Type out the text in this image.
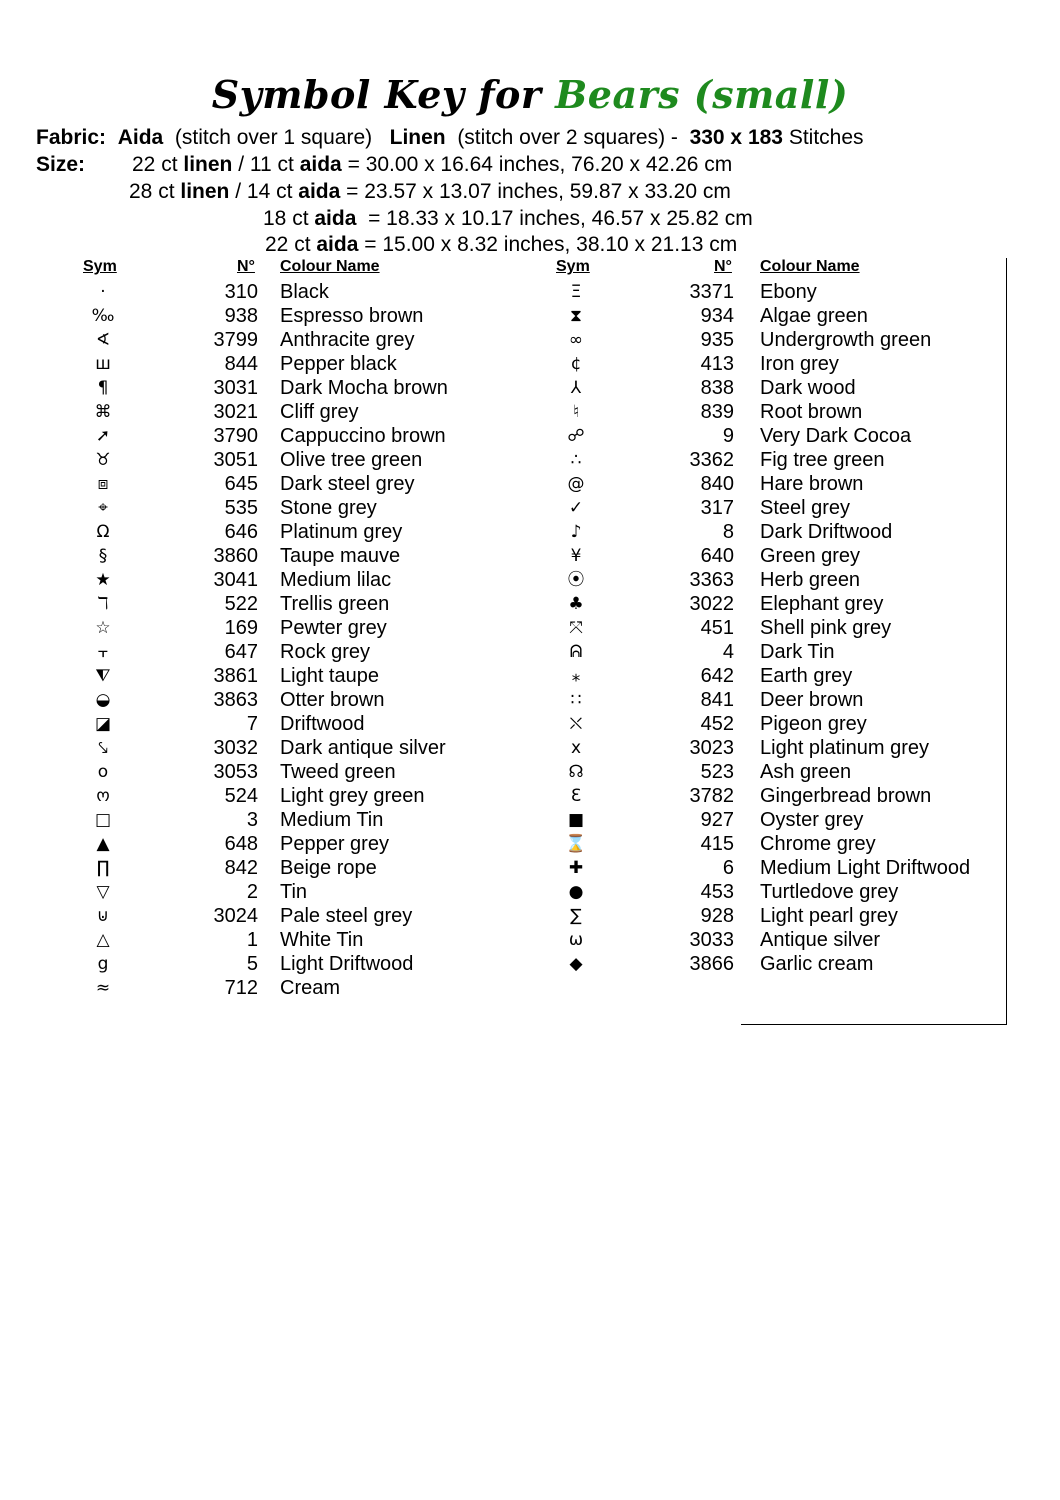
Symbol Key for Bears (small)
Fabric: Aida (stitch over 1 square) Linen (stitch over 2 squares) - 330 x 183 Stitches
Size: 22 ct linen / 11 ct aida = 30.00 x 16.64 inches, 76.20 x 42.26 cm
28 ct linen / 14 ct aida = 23.57 x 13.07 inches, 59.87 x 33.20 cm
18 ct aida = 18.33 x 10.17 inches, 46.57 x 25.82 cm
22 ct aida = 15.00 x 8.32 inches, 38.10 x 21.13 cm
Sym	N° Colour Name
·	310 Black
‰	938 Espresso brown
∢	3799 Anthracite grey
ш	844 Pepper black
¶	3031 Dark Mocha brown
⌘	3021 Cliff grey
➚	3790 Cappuccino brown
♉	3051 Olive tree green
⧈	645 Dark steel grey
⌖	535 Stone grey
Ω	646 Platinum grey
§	3860 Taupe mauve
★	3041 Medium lilac
ℸ	522 Trellis green
☆	169 Pewter grey
⫟	647 Rock grey
⧨	3861 Light taupe
◒	3863 Otter brown
◪	7 Driftwood
⤥	3032 Dark antique silver
o	3053 Tweed green
ო	524 Light grey green
□	3 Medium Tin
▲	648 Pepper grey
∏	842 Beige rope
▽	2 Tin
⊍	3024 Pale steel grey
△	1 White Tin
g	5 Light Driftwood
≈	712 Cream
Sym	N° Colour Name
Ξ	3371 Ebony
⧗	934 Algae green
∞	935 Undergrowth green
¢	413 Iron grey
⅄	838 Dark wood
♮	839 Root brown
☍	9 Very Dark Cocoa
∴	3362 Fig tree green
@	840 Hare brown
✓	317 Steel grey
♪	8 Dark Driftwood
¥	640 Green grey
⦿	3363 Herb green
♣	3022 Elephant grey
⤧	451 Shell pink grey
ᕱ	4 Dark Tin
⁎	642 Earth grey
∷	841 Deer brown
⛌	452 Pigeon grey
x	3023 Light platinum grey
☊	523 Ash green
Ɛ	3782 Gingerbread brown
■	927 Oyster grey
⌛	415 Chrome grey
✚	6 Medium Light Driftwood
●	453 Turtledove grey
∑	928 Light pearl grey
ω	3033 Antique silver
◆	3866 Garlic cream
